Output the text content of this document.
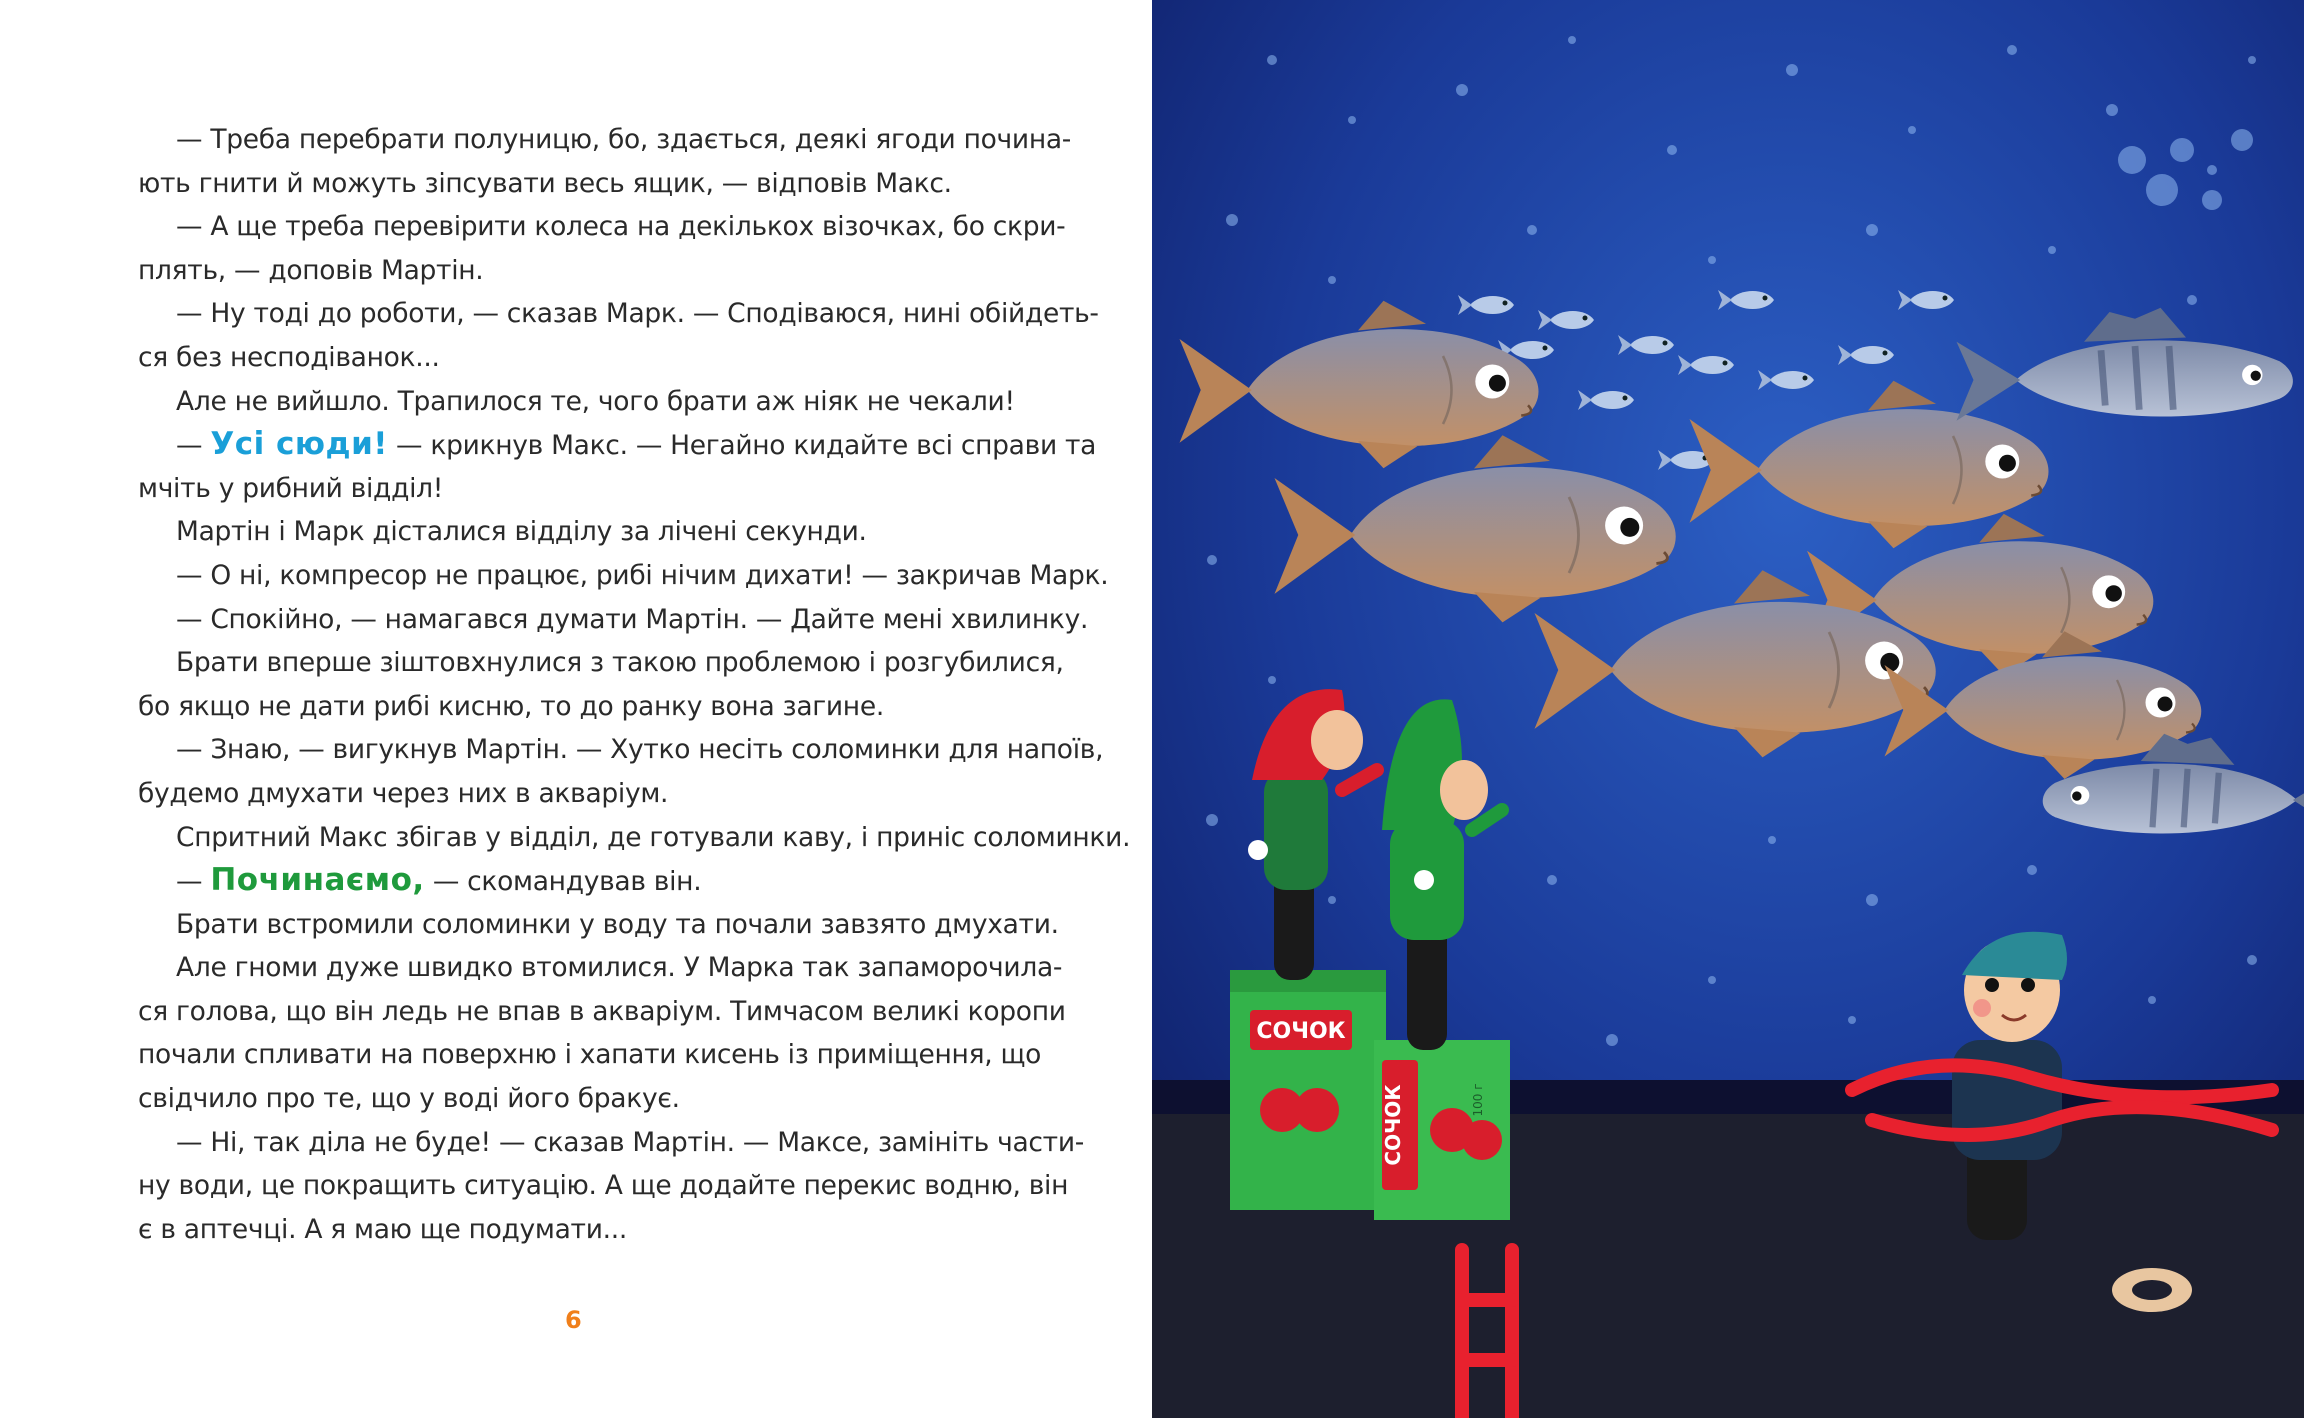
— Треба перебрати полуницю, бо, здається, деякі ягоди почина-
ють гнити й можуть зіпсувати весь ящик, — відповів Макс.
— А ще треба перевірити колеса на декількох візочках, бо скри-
плять, — доповів Мартін.
— Ну тоді до роботи, — сказав Марк. — Сподіваюся, нині обійдеть-
ся без несподіванок...
Але не вийшло. Трапилося те, чого брати аж ніяк не чекали!
— Усі сюди! — крикнув Макс. — Негайно кидайте всі справи та
мчіть у рибний відділ!
Мартін і Марк дісталися відділу за лічені секунди.
— О ні, компресор не працює, рибі нічим дихати! — закричав Марк.
— Спокійно, — намагався думати Мартін. — Дайте мені хвилинку.
Брати вперше зіштовхнулися з такою проблемою і розгубилися,
бо якщо не дати рибі кисню, то до ранку вона загине.
— Знаю, — вигукнув Мартін. — Хутко несіть соломинки для напоїв,
будемо дмухати через них в акваріум.
Спритний Макс збігав у відділ, де готували каву, і приніс соломинки.
— Починаємо, — скомандував він.
Брати встромили соломинки у воду та почали завзято дмухати.
Але гноми дуже швидко втомилися. У Марка так запаморочила-
ся голова, що він ледь не впав в акваріум. Тимчасом великі коропи
почали спливати на поверхню і хапати кисень із приміщення, що
свідчило про те, що у воді його бракує.
— Ні, так діла не буде! — сказав Мартін. — Максе, замініть части-
ну води, це покращить ситуацію. А ще додайте перекис водню, він
є в аптечці. А я маю ще подумати...
6
СОЧОК
СОЧОК	100 г
